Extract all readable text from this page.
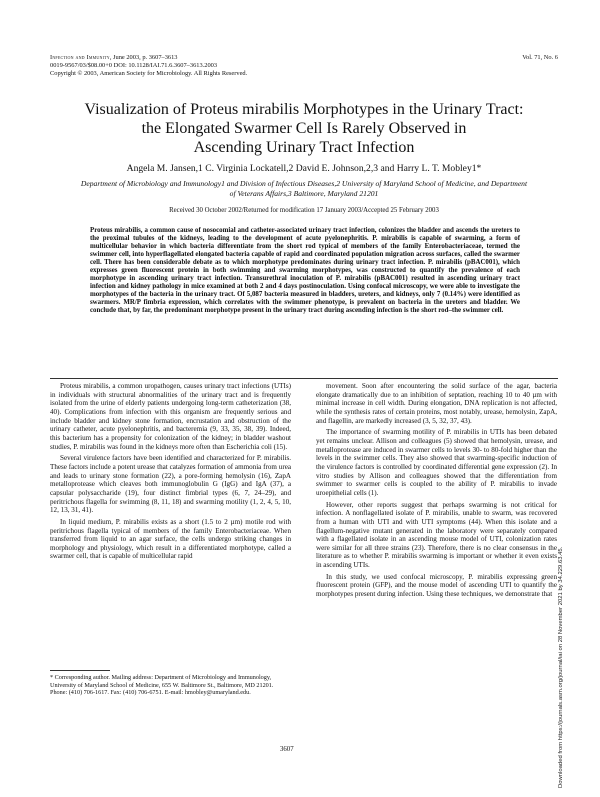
Infection and Immunity, June 2003, p. 3607–3613	Vol. 71, No. 6
0019-9567/03/$08.00+0 DOI: 10.1128/IAI.71.6.3607–3613.2003
Copyright © 2003, American Society for Microbiology. All Rights Reserved.
Visualization of Proteus mirabilis Morphotypes in the Urinary Tract:
the Elongated Swarmer Cell Is Rarely Observed in
Ascending Urinary Tract Infection
Angela M. Jansen,1 C. Virginia Lockatell,2 David E. Johnson,2,3 and Harry L. T. Mobley1*
Department of Microbiology and Immunology1 and Division of Infectious Diseases,2 University of Maryland School of Medicine, and Department of Veterans Affairs,3 Baltimore, Maryland 21201
Received 30 October 2002/Returned for modification 17 January 2003/Accepted 25 February 2003
Proteus mirabilis, a common cause of nosocomial and catheter-associated urinary tract infection, colonizes the bladder and ascends the ureters to the proximal tubules of the kidneys, leading to the development of acute pyelonephritis. P. mirabilis is capable of swarming, a form of multicellular behavior in which bacteria differentiate from the short rod typical of members of the family Enterobacteriaceae, termed the swimmer cell, into hyperflagellated elongated bacteria capable of rapid and coordinated population migration across surfaces, called the swarmer cell. There has been considerable debate as to which morphotype predominates during urinary tract infection. P. mirabilis (pBAC001), which expresses green fluorescent protein in both swimming and swarming morphotypes, was constructed to quantify the prevalence of each morphotype in ascending urinary tract infection. Transurethral inoculation of P. mirabilis (pBAC001) resulted in ascending urinary tract infection and kidney pathology in mice examined at both 2 and 4 days postinoculation. Using confocal microscopy, we were able to investigate the morphotypes of the bacteria in the urinary tract. Of 5,087 bacteria measured in bladders, ureters, and kidneys, only 7 (0.14%) were identified as swarmers. MR/P fimbria expression, which correlates with the swimmer phenotype, is prevalent on bacteria in the ureters and bladder. We conclude that, by far, the predominant morphotype present in the urinary tract during ascending infection is the short rod–the swimmer cell.

Proteus mirabilis, a common uropathogen, causes urinary tract infections (UTIs) in individuals with structural abnormalities of the urinary tract and is frequently isolated from the urine of elderly patients undergoing long-term catheterization (38, 40). Complications from infection with this organism are frequently serious and include bladder and kidney stone formation, encrustation and obstruction of the urinary catheter, acute pyelonephritis, and bacteremia (9, 33, 35, 38, 39). Indeed, this bacterium has a propensity for colonization of the kidney; in bladder washout studies, P. mirabilis was found in the kidneys more often than Escherichia coli (15).

Several virulence factors have been identified and characterized for P. mirabilis. These factors include a potent urease that catalyzes formation of ammonia from urea and leads to urinary stone formation (22), a pore-forming hemolysin (16), ZapA metalloprotease which cleaves both immunoglobulin G (IgG) and IgA (37), a capsular polysaccharide (19), four distinct fimbrial types (6, 7, 24–29), and peritrichous flagella for swimming (8, 11, 18) and swarming motility (1, 2, 4, 5, 10, 12, 13, 31, 41).

In liquid medium, P. mirabilis exists as a short (1.5 to 2 µm) motile rod with peritrichous flagella typical of members of the family Enterobacteriaceae. When transferred from liquid to an agar surface, the cells undergo striking changes in morphology and physiology, which result in a differentiated morphotype, called a swarmer cell, that is capable of multicellular rapid

movement. Soon after encountering the solid surface of the agar, bacteria elongate dramatically due to an inhibition of septation, reaching 10 to 40 µm with minimal increase in cell width. During elongation, DNA replication is not affected, while the synthesis rates of certain proteins, most notably, urease, hemolysin, ZapA, and flagellin, are markedly increased (3, 5, 32, 37, 43).

The importance of swarming motility of P. mirabilis in UTIs has been debated yet remains unclear. Allison and colleagues (5) showed that hemolysin, urease, and metalloprotease are induced in swarmer cells to levels 30- to 80-fold higher than the levels in the swimmer cells. They also showed that swarming-specific induction of the virulence factors is controlled by coordinated differential gene expression (2). In vitro studies by Allison and colleagues showed that the differentiation from swimmer to swarmer cells is coupled to the ability of P. mirabilis to invade uroepithelial cells (1).

However, other reports suggest that perhaps swarming is not critical for infection. A nonflagellated isolate of P. mirabilis, unable to swarm, was recovered from a human with UTI and with UTI symptoms (44). When this isolate and a flagellum-negative mutant generated in the laboratory were separately compared with a flagellated isolate in an ascending mouse model of UTI, colonization rates were similar for all three strains (23). Therefore, there is no clear consensus in the literature as to whether P. mirabilis swarming is important or whether it even exists in ascending UTIs.

In this study, we used confocal microscopy, P. mirabilis expressing green fluorescent protein (GFP), and the mouse model of ascending UTI to quantify the morphotypes present during infection. Using these techniques, we demonstrate that

* Corresponding author. Mailing address: Department of Microbiology and Immunology, University of Maryland School of Medicine, 655 W. Baltimore St., Baltimore, MD 21201. Phone: (410) 706-1617. Fax: (410) 706-6751. E-mail: hmobley@umaryland.edu.
3607	Downloaded from https://journals.asm.org/journal/iai on 28 November 2021 by 34.229.63.45.
